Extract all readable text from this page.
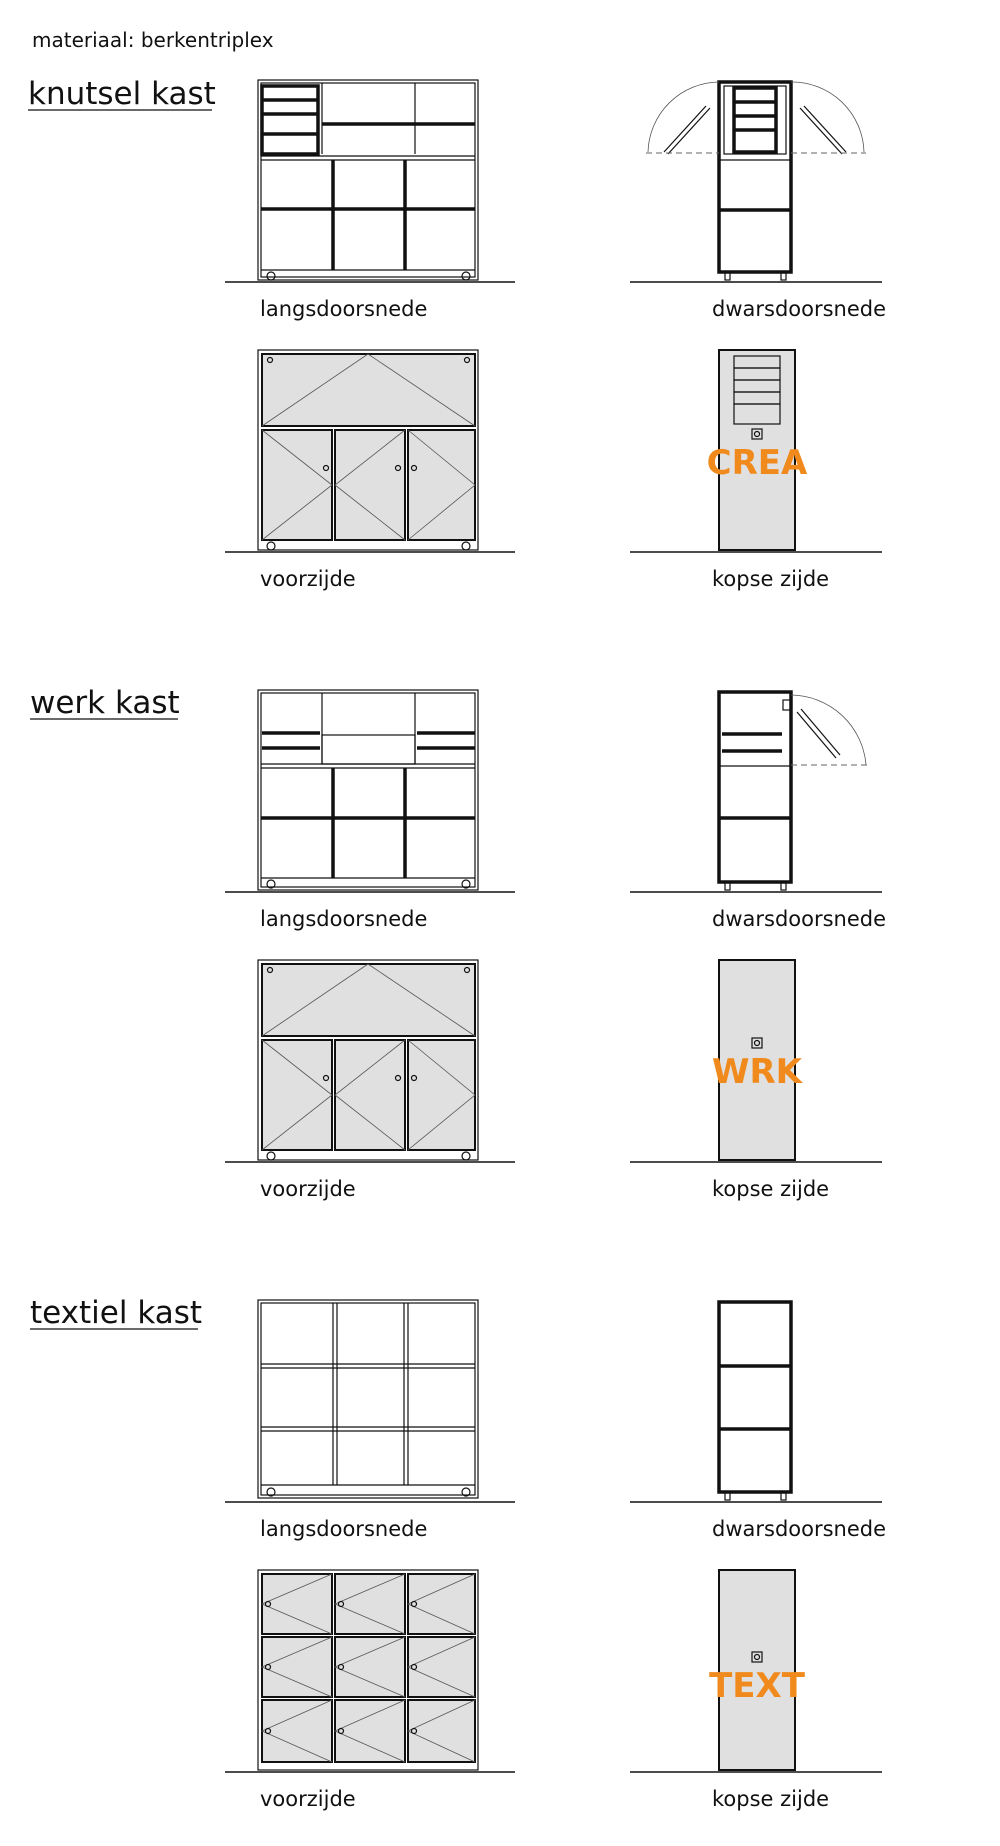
materiaal: berkentriplex
knutsel kast
langsdoorsnede	dwarsdoorsnede
voorzijde
CREA
kopse zijde
werk kast
langsdoorsnede	dwarsdoorsnede
voorzijde
WRK
kopse zijde
textiel kast
langsdoorsnede	dwarsdoorsnede
voorzijde
TEXT
kopse zijde
